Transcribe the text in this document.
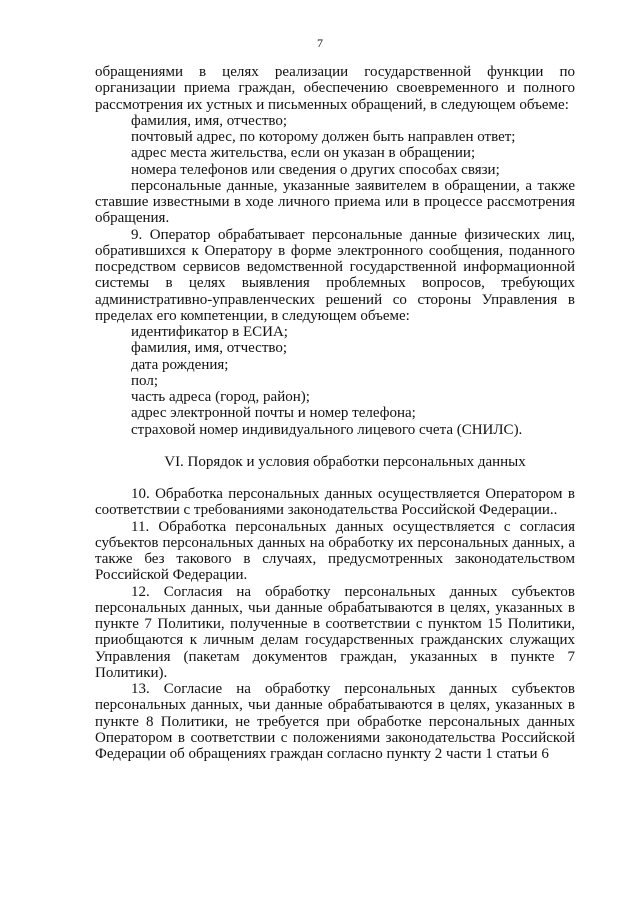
7

обращениями в целях реализации государственной функции по организации приема граждан, обеспечению своевременного и полного рассмотрения их устных и письменных обращений, в следующем объеме:

фамилия, имя, отчество;

почтовый адрес, по которому должен быть направлен ответ;

адрес места жительства, если он указан в обращении;

номера телефонов или сведения о других способах связи;

персональные данные, указанные заявителем в обращении, а также ставшие известными в ходе личного приема или в процессе рассмотрения обращения.

9. Оператор обрабатывает персональные данные физических лиц, обратившихся к Оператору в форме электронного сообщения, поданного посредством сервисов ведомственной государственной информационной системы в целях выявления проблемных вопросов, требующих административно-управленческих решений со стороны Управления в пределах его компетенции, в следующем объеме:

идентификатор в ЕСИА;

фамилия, имя, отчество;

дата рождения;

пол;

часть адреса (город, район);

адрес электронной почты и номер телефона;

страховой номер индивидуального лицевого счета (СНИЛС).

VI. Порядок и условия обработки персональных данных

10. Обработка персональных данных осуществляется Оператором в соответствии с требованиями законодательства Российской Федерации..

11. Обработка персональных данных осуществляется с согласия субъектов персональных данных на обработку их персональных данных, а также без такового в случаях, предусмотренных законодательством Российской Федерации.

12. Согласия на обработку персональных данных субъектов персональных данных, чьи данные обрабатываются в целях, указанных в пункте 7 Политики, полученные в соответствии с пунктом 15 Политики, приобщаются к личным делам государственных гражданских служащих Управления (пакетам документов граждан, указанных в пункте 7 Политики).

13. Согласие на обработку персональных данных субъектов персональных данных, чьи данные обрабатываются в целях, указанных в пункте 8 Политики, не требуется при обработке персональных данных Оператором в соответствии с положениями законодательства Российской Федерации об обращениях граждан согласно пункту 2 части 1 статьи 6
